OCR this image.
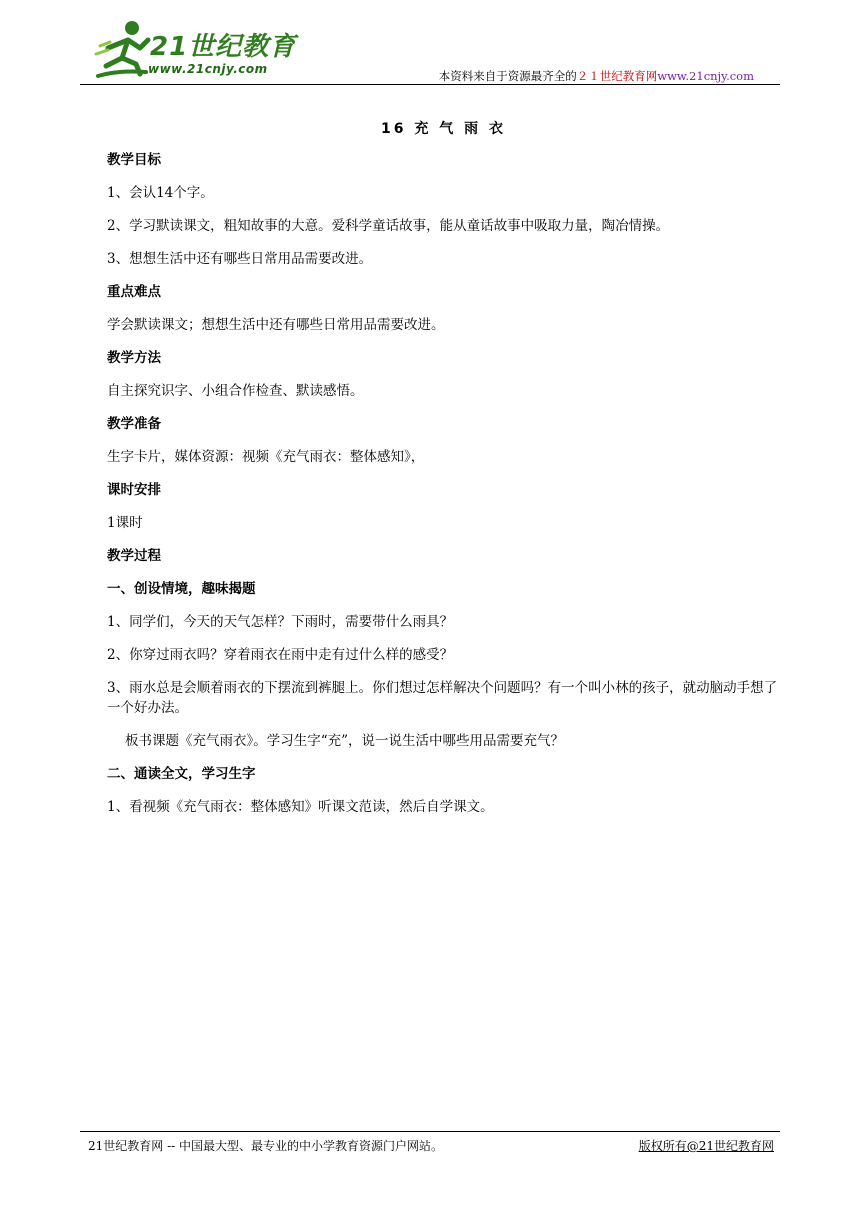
21世纪教育
www.21cnjy.com	本资料来自于资源最齐全的２１世纪教育网www.21cnjy.com
16 充 气 雨 衣
教学目标
1、会认14个字。
2、学习默读课文，粗知故事的大意。爱科学童话故事，能从童话故事中吸取力量，陶冶情操。
3、想想生活中还有哪些日常用品需要改进。
重点难点
学会默读课文；想想生活中还有哪些日常用品需要改进。
教学方法
自主探究识字、小组合作检查、默读感悟。
教学准备
生字卡片，媒体资源：视频《充气雨衣：整体感知》，
课时安排
1课时
教学过程
一、创设情境，趣味揭题
1、同学们，今天的天气怎样？下雨时，需要带什么雨具？
2、你穿过雨衣吗？穿着雨衣在雨中走有过什么样的感受？
3、雨水总是会顺着雨衣的下摆流到裤腿上。你们想过怎样解决个问题吗？有一个叫小林的孩子，就动脑动手想了一个好办法。
板书课题《充气雨衣》。学习生字“充”，说一说生活中哪些用品需要充气？
二、通读全文，学习生字
1、看视频《充气雨衣：整体感知》听课文范读，然后自学课文。
21世纪教育网 -- 中国最大型、最专业的中小学教育资源门户网站。	版权所有@21世纪教育网
